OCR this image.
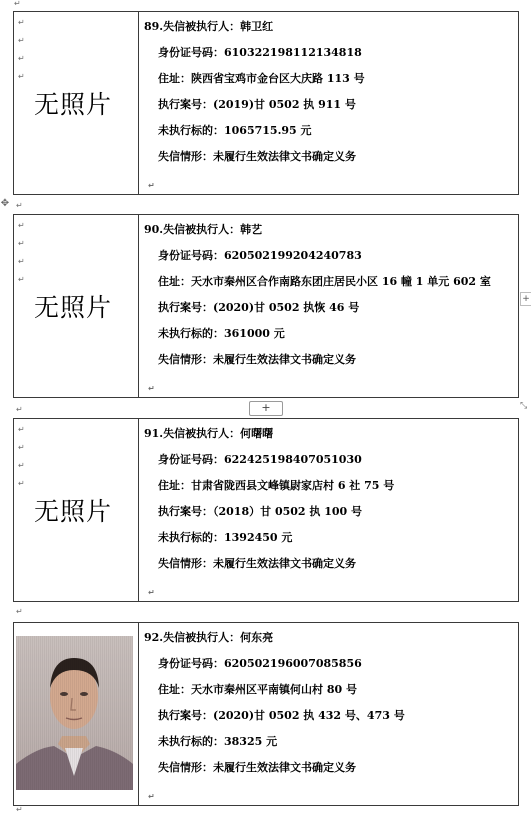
↵
↵
↵
↵
↵
✥
+
+
⤡
↵
↵
↵
↵
无照片
89.失信被执行人：韩卫红
身份证号码：610322198112134818
住址：陕西省宝鸡市金台区大庆路 113 号
执行案号：(2019)甘 0502 执 911 号
未执行标的：1065715.95 元
失信情形：未履行生效法律文书确定义务
↵
↵
↵
↵
↵
无照片
90.失信被执行人：韩艺
身份证号码：620502199204240783
住址：天水市秦州区合作南路东团庄居民小区 16 幢 1 单元 602 室
执行案号：(2020)甘 0502 执恢 46 号
未执行标的：361000 元
失信情形：未履行生效法律文书确定义务
↵
↵
↵
↵
↵
无照片
91.失信被执行人：何曙曙
身份证号码：622425198407051030
住址：甘肃省陇西县文峰镇尉家店村 6 社 75 号
执行案号：（2018）甘 0502 执 100 号
未执行标的：1392450 元
失信情形：未履行生效法律文书确定义务
↵
92.失信被执行人：何东亮
身份证号码：620502196007085856
住址：天水市秦州区平南镇何山村 80 号
执行案号：(2020)甘 0502 执 432 号、473 号
未执行标的：38325 元
失信情形：未履行生效法律文书确定义务
↵
